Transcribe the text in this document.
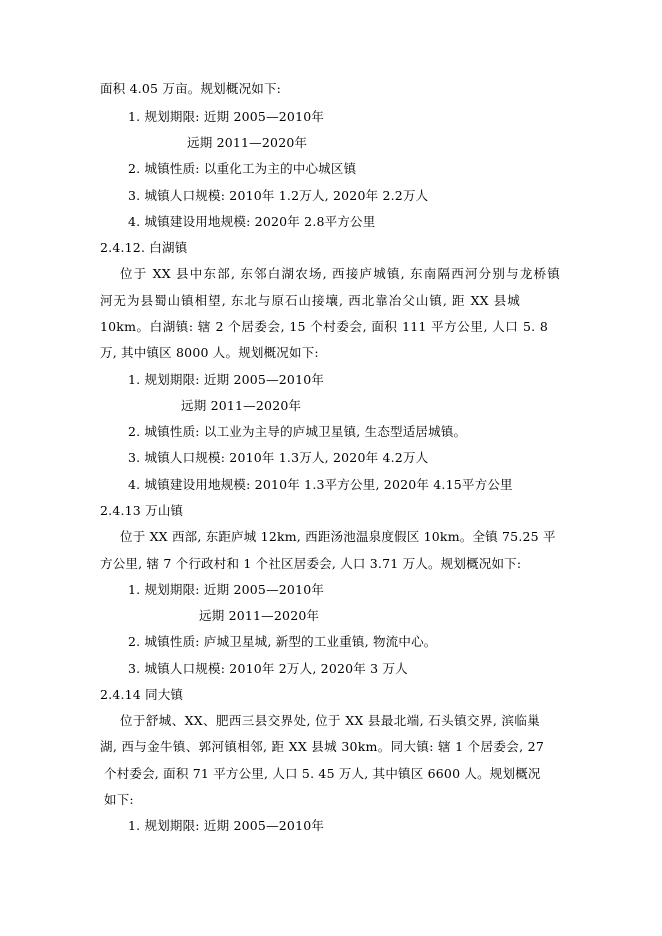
面积 4.05 万亩。规划概况如下:
1. 规划期限: 近期 2005—2010年
远期 2011—2020年
2. 城镇性质: 以重化工为主的中心城区镇
3. 城镇人口规模: 2010年 1.2万人, 2020年 2.2万人
4. 城镇建设用地规模: 2020年 2.8平方公里
2.4.12. 白湖镇
位于 XX 县中东部, 东邻白湖农场, 西接庐城镇, 东南隔西河分别与龙桥镇
河无为县蜀山镇相望, 东北与原石山接壤, 西北靠冶父山镇, 距 XX 县城
10km。白湖镇: 辖 2 个居委会, 15 个村委会, 面积 111 平方公里, 人口 5. 8
万, 其中镇区 8000 人。规划概况如下:
1. 规划期限: 近期 2005—2010年
远期 2011—2020年
2. 城镇性质: 以工业为主导的庐城卫星镇, 生态型适居城镇。
3. 城镇人口规模: 2010年 1.3万人, 2020年 4.2万人
4. 城镇建设用地规模: 2010年 1.3平方公里, 2020年 4.15平方公里
2.4.13 万山镇
位于 XX 西部, 东距庐城 12km, 西距汤池温泉度假区 10km。全镇 75.25 平
方公里, 辖 7 个行政村和 1 个社区居委会, 人口 3.71 万人。规划概况如下:
1. 规划期限: 近期 2005—2010年
远期 2011—2020年
2. 城镇性质: 庐城卫星城, 新型的工业重镇, 物流中心。
3. 城镇人口规模: 2010年 2万人, 2020年 3 万人
2.4.14 同大镇
位于舒城、XX、肥西三县交界处, 位于 XX 县最北端, 石头镇交界, 滨临巢
湖, 西与金牛镇、郭河镇相邻, 距 XX 县城 30km。同大镇: 辖 1 个居委会, 27
个村委会, 面积 71 平方公里, 人口 5. 45 万人, 其中镇区 6600 人。规划概况
如下:
1. 规划期限: 近期 2005—2010年
